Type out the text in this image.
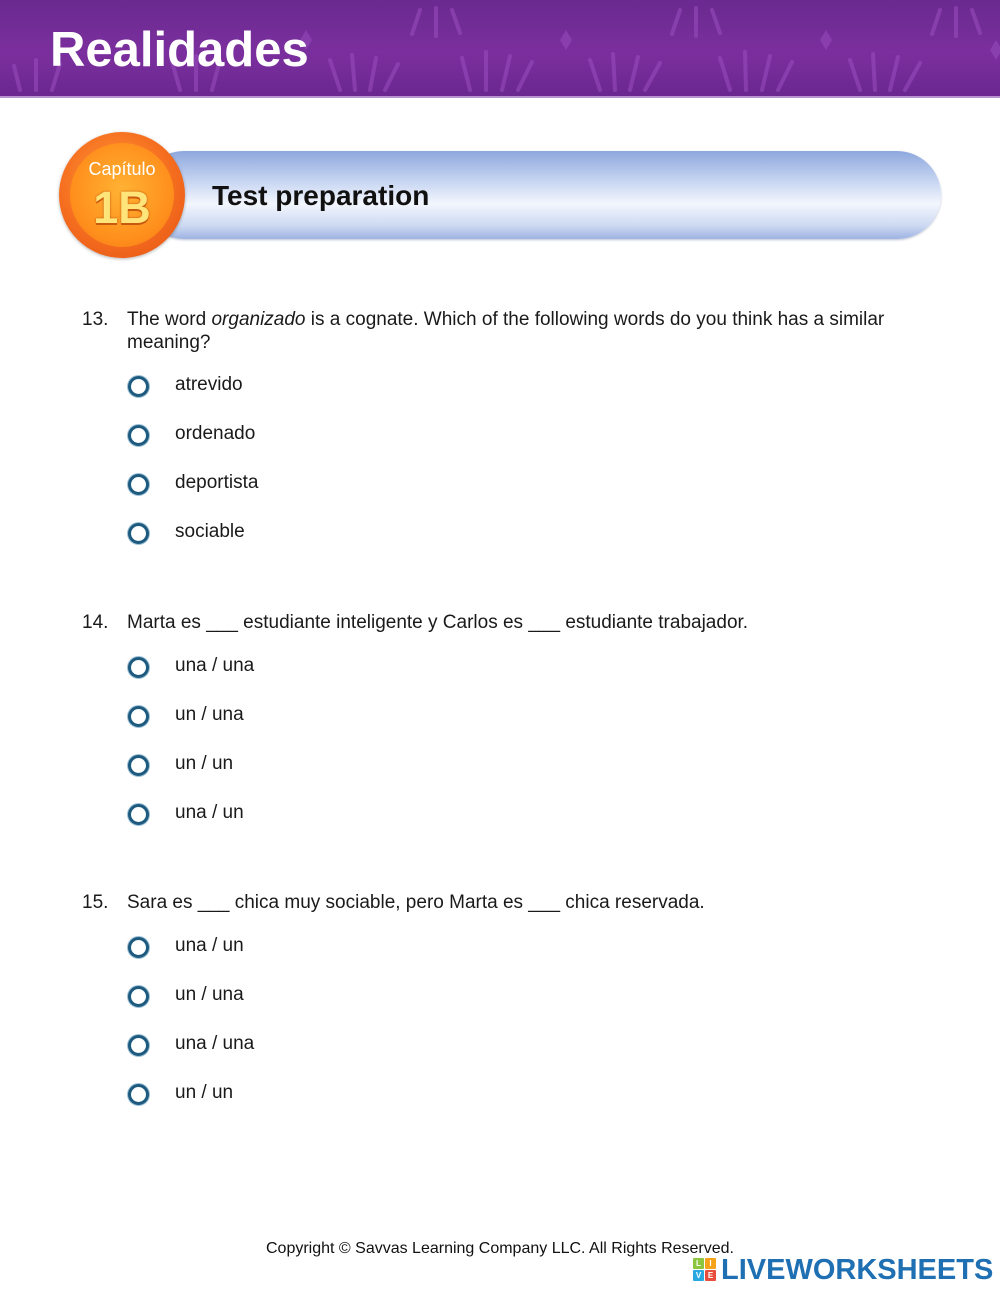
Realidades
Test preparation
Capítulo
1B
13. The word organizado is a cognate. Which of the following words do you think has a similar meaning?
atrevido
ordenado
deportista
sociable
14. Marta es ___ estudiante inteligente y Carlos es ___ estudiante trabajador.
una / una
un / una
un / un
una / un
15. Sara es ___ chica muy sociable, pero Marta es ___ chica reservada.
una / un
un / una
una / una
un / un
Copyright © Savvas Learning Company LLC. All Rights Reserved.
L	I
V E LIVEWORKSHEETS
